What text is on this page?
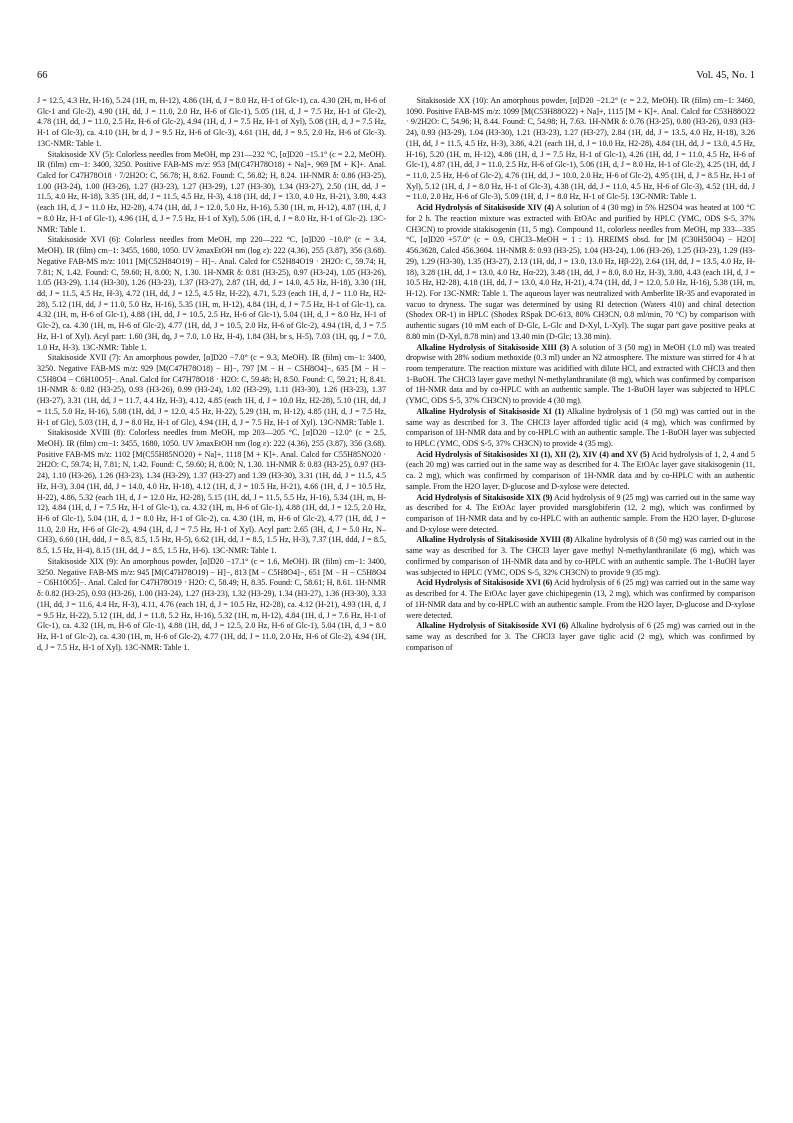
66	Vol. 45, No. 1

J = 12.5, 4.3 Hz, H-16), 5.24 (1H, m, H-12), 4.86 (1H, d, J = 8.0 Hz, H-1 of Glc-1), ca. 4.30 (2H, m, H-6 of Glc-1 and Glc-2), 4.90 (1H, dd, J = 11.0, 2.0 Hz, H-6 of Glc-1), 5.05 (1H, d, J = 7.5 Hz, H-1 of Glc-2), 4.78 (1H, dd, J = 11.0, 2.5 Hz, H-6 of Glc-2), 4.94 (1H, d, J = 7.5 Hz, H-1 of Xyl), 5.08 (1H, d, J = 7.5 Hz, H-1 of Glc-3), ca. 4.10 (1H, br d, J = 9.5 Hz, H-6 of Glc-3), 4.61 (1H, dd, J = 9.5, 2.0 Hz, H-6 of Glc-3). 13C-NMR: Table 1.

Sitakisoside XV (5): Colorless needles from MeOH, mp 231—232 °C, [α]D20 −15.1° (c = 2.2, MeOH). IR (film) cm−1: 3400, 3250. Positive FAB-MS m/z: 953 [M(C47H78O18) + Na]+, 969 [M + K]+. Anal. Calcd for C47H78O18 · 7/2H2O: C, 56.78; H, 8.62. Found: C, 56.82; H, 8.24. 1H-NMR δ: 0.86 (H3-25), 1.00 (H3-24), 1.00 (H3-26), 1.27 (H3-23), 1.27 (H3-29), 1.27 (H3-30), 1.34 (H3-27), 2.50 (1H, dd, J = 11.5, 4.0 Hz, H-18), 3.35 (1H, dd, J = 11.5, 4.5 Hz, H-3), 4.18 (1H, dd, J = 13.0, 4.0 Hz, H-21), 3.80, 4.43 (each 1H, d, J = 11.0 Hz, H2-28), 4.74 (1H, dd, J = 12.0, 5.0 Hz, H-16), 5.30 (1H, m, H-12), 4.87 (1H, d, J = 8.0 Hz, H-1 of Glc-1), 4.96 (1H, d, J = 7.5 Hz, H-1 of Xyl), 5.06 (1H, d, J = 8.0 Hz, H-1 of Glc-2). 13C-NMR: Table 1.

Sitakisoside XVI (6): Colorless needles from MeOH, mp 220—222 °C, [α]D20 −10.0° (c = 3.4, MeOH). IR (film) cm−1: 3455, 1680, 1050. UV λmaxEtOH nm (log ε): 222 (4.36), 255 (3.87), 356 (3.68). Negative FAB-MS m/z: 1011 [M(C52H84O19) − H]−. Anal. Calcd for C52H84O19 · 2H2O: C, 59.74; H, 7.81; N, 1.42. Found: C, 59.60; H, 8.00; N, 1.30. 1H-NMR δ: 0.81 (H3-25), 0.97 (H3-24), 1.05 (H3-26), 1.05 (H3-29), 1.14 (H3-30), 1.26 (H3-23), 1.37 (H3-27), 2.87 (1H, dd, J = 14.0, 4.5 Hz, H-18), 3.30 (1H, dd, J = 11.5, 4.5 Hz, H-3), 4.72 (1H, dd, J = 12.5, 4.5 Hz, H-22), 4.71, 5.23 (each 1H, d, J = 11.0 Hz, H2-28), 5.12 (1H, dd, J = 11.0, 5.0 Hz, H-16), 5.35 (1H, m, H-12), 4.84 (1H, d, J = 7.5 Hz, H-1 of Glc-1), ca. 4.32 (1H, m, H-6 of Glc-1), 4.88 (1H, dd, J = 10.5, 2.5 Hz, H-6 of Glc-1), 5.04 (1H, d, J = 8.0 Hz, H-1 of Glc-2), ca. 4.30 (1H, m, H-6 of Glc-2), 4.77 (1H, dd, J = 10.5, 2.0 Hz, H-6 of Glc-2), 4.94 (1H, d, J = 7.5 Hz, H-1 of Xyl). Acyl part: 1.60 (3H, dq, J = 7.0, 1.0 Hz, H-4), 1.84 (3H, br s, H-5), 7.03 (1H, qq, J = 7.0, 1.0 Hz, H-3). 13C-NMR: Table 1.

Sitakisoside XVII (7): An amorphous powder, [α]D20 −7.0° (c = 9.3, MeOH). IR (film) cm−1: 3400, 3250. Negative FAB-MS m/z: 929 [M(C47H78O18) − H]−, 797 [M − H − C5H8O4]−, 635 [M − H − C5H8O4 − C6H10O5]−. Anal. Calcd for C47H78O18 · H2O: C, 59.48; H, 8.50. Found: C, 59.21; H, 8.41. 1H-NMR δ: 0.82 (H3-25), 0.93 (H3-26), 0.99 (H3-24), 1.02 (H3-29), 1.11 (H3-30), 1.26 (H3-23), 1.37 (H3-27), 3.31 (1H, dd, J = 11.7, 4.4 Hz, H-3), 4.12, 4.85 (each 1H, d, J = 10.0 Hz, H2-28), 5.10 (1H, dd, J = 11.5, 5.0 Hz, H-16), 5.08 (1H, dd, J = 12.0, 4.5 Hz, H-22), 5.29 (1H, m, H-12), 4.85 (1H, d, J = 7.5 Hz, H-1 of Glc), 5.03 (1H, d, J = 8.0 Hz, H-1 of Glc), 4.94 (1H, d, J = 7.5 Hz, H-1 of Xyl). 13C-NMR: Table 1.

Sitakisoside XVIII (8): Colorless needles from MeOH, mp 203—205 °C, [α]D20 −12.0° (c = 2.5, MeOH). IR (film) cm−1: 3455, 1680, 1050. UV λmaxEtOH nm (log ε): 222 (4.36), 255 (3.87), 356 (3.68). Positive FAB-MS m/z: 1102 [M(C55H85NO20) + Na]+, 1118 [M + K]+. Anal. Calcd for C55H85NO20 · 2H2O: C, 59.74; H, 7.81; N, 1.42. Found: C, 59.60; H, 8.00; N, 1.30. 1H-NMR δ: 0.83 (H3-25), 0.97 (H3-24), 1.10 (H3-26), 1.26 (H3-23), 1.34 (H3-29), 1.37 (H3-27) and 1.39 (H3-30), 3.31 (1H, dd, J = 11.5, 4.5 Hz, H-3), 3.04 (1H, dd, J = 14.0, 4.0 Hz, H-18), 4.12 (1H, d, J = 10.5 Hz, H-21), 4.66 (1H, d, J = 10.5 Hz, H-22), 4.86, 5.32 (each 1H, d, J = 12.0 Hz, H2-28), 5.15 (1H, dd, J = 11.5, 5.5 Hz, H-16), 5.34 (1H, m, H-12), 4.84 (1H, d, J = 7.5 Hz, H-1 of Glc-1), ca. 4.32 (1H, m, H-6 of Glc-1), 4.88 (1H, dd, J = 12.5, 2.0 Hz, H-6 of Glc-1), 5.04 (1H, d, J = 8.0 Hz, H-1 of Glc-2), ca. 4.30 (1H, m, H-6 of Glc-2), 4.77 (1H, dd, J = 11.0, 2.0 Hz, H-6 of Glc-2), 4.94 (1H, d, J = 7.5 Hz, H-1 of Xyl). Acyl part: 2.65 (3H, d, J = 5.0 Hz, N–CH3), 6.60 (1H, ddd, J = 8.5, 8.5, 1.5 Hz, H-5), 6.62 (1H, dd, J = 8.5, 1.5 Hz, H-3), 7.37 (1H, ddd, J = 8.5, 8.5, 1.5 Hz, H-4), 8.15 (1H, dd, J = 8.5, 1.5 Hz, H-6). 13C-NMR: Table 1.

Sitakisoside XIX (9): An amorphous powder, [α]D20 −17.1° (c = 1.6, MeOH). IR (film) cm−1: 3400, 3250. Negative FAB-MS m/z: 945 [M(C47H78O19) − H]−, 813 [M − C5H8O4]−, 651 [M − H − C5H8O4 − C6H10O5]−. Anal. Calcd for C47H78O19 · H2O: C, 58.49; H, 8.35. Found: C, 58.61; H, 8.61. 1H-NMR δ: 0.82 (H3-25), 0.93 (H3-26), 1.00 (H3-24), 1.27 (H3-23), 1.32 (H3-29), 1.34 (H3-27), 1.36 (H3-30), 3.33 (1H, dd, J = 11.6, 4.4 Hz, H-3), 4.11, 4.76 (each 1H, d, J = 10.5 Hz, H2-28), ca. 4.12 (H-21), 4.93 (1H, d, J = 9.5 Hz, H-22), 5.12 (1H, dd, J = 11.8, 5.2 Hz, H-16), 5.32 (1H, m, H-12), 4.84 (1H, d, J = 7.6 Hz, H-1 of Glc-1), ca. 4.32 (1H, m, H-6 of Glc-1), 4.88 (1H, dd, J = 12.5, 2.0 Hz, H-6 of Glc-1), 5.04 (1H, d, J = 8.0 Hz, H-1 of Glc-2), ca. 4.30 (1H, m, H-6 of Glc-2), 4.77 (1H, dd, J = 11.0, 2.0 Hz, H-6 of Glc-2), 4.94 (1H, d, J = 7.5 Hz, H-1 of Xyl). 13C-NMR: Table 1.

Sitakisoside XX (10): An amorphous powder, [α]D20 −21.2° (c = 2.2, MeOH). IR (film) cm−1: 3460, 1090. Positive FAB-MS m/z: 1099 [M(C53H88O22) + Na]+, 1115 [M + K]+. Anal. Calcd for C53H88O22 · 9/2H2O: C, 54.96; H, 8.44. Found: C, 54.98; H, 7.63. 1H-NMR δ: 0.76 (H3-25), 0.80 (H3-26), 0.93 (H3-24), 0.93 (H3-29), 1.04 (H3-30), 1.21 (H3-23), 1.27 (H3-27), 2.84 (1H, dd, J = 13.5, 4.0 Hz, H-18), 3.26 (1H, dd, J = 11.5, 4.5 Hz, H-3), 3.86, 4.21 (each 1H, d, J = 10.0 Hz, H2-28), 4.84 (1H, dd, J = 13.0, 4.5 Hz, H-16), 5.20 (1H, m, H-12), 4.86 (1H, d, J = 7.5 Hz, H-1 of Glc-1), 4.26 (1H, dd, J = 11.0, 4.5 Hz, H-6 of Glc-1), 4.87 (1H, dd, J = 11.0, 2.5 Hz, H-6 of Glc-1), 5.06 (1H, d, J = 8.0 Hz, H-1 of Glc-2), 4.25 (1H, dd, J = 11.0, 2.5 Hz, H-6 of Glc-2), 4.76 (1H, dd, J = 10.0, 2.0 Hz, H-6 of Glc-2), 4.95 (1H, d, J = 8.5 Hz, H-1 of Xyl), 5.12 (1H, d, J = 8.0 Hz, H-1 of Glc-3), 4.38 (1H, dd, J = 11.0, 4.5 Hz, H-6 of Glc-3), 4.52 (1H, dd, J = 11.0, 2.0 Hz, H-6 of Glc-3), 5.09 (1H, d, J = 8.0 Hz, H-1 of Glc-5). 13C-NMR: Table 1.

Acid Hydrolysis of Sitakisoside XIV (4) A solution of 4 (30 mg) in 5% H2SO4 was heated at 100 °C for 2 h. The reaction mixture was extracted with EtOAc and purified by HPLC (YMC, ODS S-5, 37% CH3CN) to provide sitakisogenin (11, 5 mg). Compound 11, colorless needles from MeOH, mp 333—335 °C, [α]D20 +57.0° (c = 0.9, CHCl3–MeOH = 1 : 1). HREIMS obsd. for [M (C30H50O4) − H2O] 456.3628, Calcd 456.3604. 1H-NMR δ: 0.93 (H3-25), 1.04 (H3-24), 1.06 (H3-26), 1.25 (H3-23), 1.29 (H3-29), 1.29 (H3-30), 1.35 (H3-27), 2.13 (1H, dd, J = 13.0, 13.0 Hz, Hβ-22), 2.64 (1H, dd, J = 13.5, 4.0 Hz, H-18), 3.28 (1H, dd, J = 13.0, 4.0 Hz, Hα-22), 3.48 (1H, dd, J = 8.0, 8.0 Hz, H-3), 3.80, 4.43 (each 1H, d, J = 10.5 Hz, H2-28), 4.18 (1H, dd, J = 13.0, 4.0 Hz, H-21), 4.74 (1H, dd, J = 12.0, 5.0 Hz, H-16), 5.38 (1H, m, H-12). For 13C-NMR: Table 1. The aqueous layer was neutralized with Amberlite IR-35 and evaporated in vacuo to dryness. The sugar was determined by using RI detection (Waters 410) and chiral detection (Shodex OR-1) in HPLC (Shodex RSpak DC-613, 80% CH3CN, 0.8 ml/min, 70 °C) by comparison with authentic sugars (10 mM each of D-Glc, L-Glc and D-Xyl, L-Xyl). The sugar part gave positive peaks at 8.80 min (D-Xyl, 8.78 min) and 13.40 min (D-Glc; 13.38 min).

Alkaline Hydrolysis of Sitakisoside XIII (3) A solution of 3 (50 mg) in MeOH (1.0 ml) was treated dropwise with 28% sodium methoxide (0.3 ml) under an N2 atmosphere. The mixture was stirred for 4 h at room temperature. The reaction mixture was acidified with dilute HCl, and extracted with CHCl3 and then 1-BuOH. The CHCl3 layer gave methyl N-methylanthranilate (8 mg), which was confirmed by comparison of 1H-NMR data and by co-HPLC with an authentic sample. The 1-BuOH layer was subjected to HPLC (YMC, ODS S-5, 37% CH3CN) to provide 4 (30 mg).

Alkaline Hydrolysis of Sitakisoside XI (1) Alkaline hydrolysis of 1 (50 mg) was carried out in the same way as described for 3. The CHCl3 layer afforded tiglic acid (4 mg), which was confirmed by comparison of 1H-NMR data and by co-HPLC with an authentic sample. The 1-BuOH layer was subjected to HPLC (YMC, ODS S-5, 37% CH3CN) to provide 4 (35 mg).

Acid Hydrolysis of Sitakisosides XI (1), XII (2), XIV (4) and XV (5) Acid hydrolysis of 1, 2, 4 and 5 (each 20 mg) was carried out in the same way as described for 4. The EtOAc layer gave sitakisogenin (11, ca. 2 mg), which was confirmed by comparison of 1H-NMR data and by co-HPLC with an authentic sample. From the H2O layer, D-glucose and D-xylose were detected.

Acid Hydrolysis of Sitakisoside XIX (9) Acid hydrolysis of 9 (25 mg) was carried out in the same way as described for 4. The EtOAc layer provided marsglobiferin (12, 2 mg), which was confirmed by comparison of 1H-NMR data and by co-HPLC with an authentic sample. From the H2O layer, D-glucose and D-xylose were detected.

Alkaline Hydrolysis of Sitakisoside XVIII (8) Alkaline hydrolysis of 8 (50 mg) was carried out in the same way as described for 3. The CHCl3 layer gave methyl N-methylanthranilate (6 mg), which was confirmed by comparison of 1H-NMR data and by co-HPLC with an authentic sample. The 1-BuOH layer was subjected to HPLC (YMC, ODS S-5, 32% CH3CN) to provide 9 (35 mg).

Acid Hydrolysis of Sitakisoside XVI (6) Acid hydrolysis of 6 (25 mg) was carried out in the same way as described for 4. The EtOAc layer gave chichipegenin (13, 2 mg), which was confirmed by comparison of 1H-NMR data and by co-HPLC with an authentic sample. From the H2O layer, D-glucose and D-xylose were detected.

Alkaline Hydrolysis of Sitakisoside XVI (6) Alkaline hydrolysis of 6 (25 mg) was carried out in the same way as described for 3. The CHCl3 layer gave tiglic acid (2 mg), which was confirmed by comparison of
